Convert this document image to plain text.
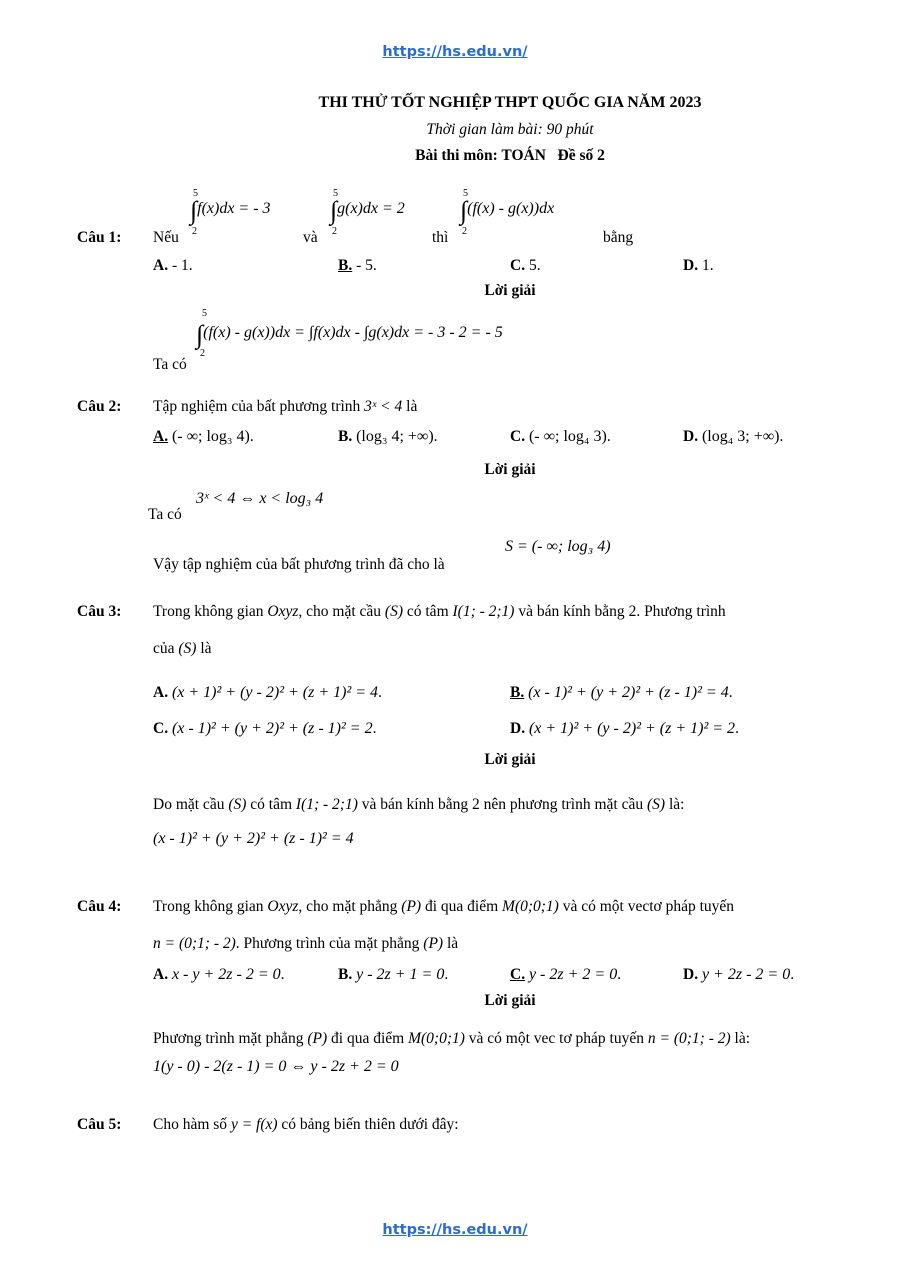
https://hs.edu.vn/
https://hs.edu.vn/
THI THỬ TỐT NGHIỆP THPT QUỐC GIA NĂM 2023
Thời gian làm bài: 90 phút
Bài thi môn: TOÁN   Đề số 2
Câu 1: Nếu
5
∫f(x)dx = - 3
2	và
5
∫g(x)dx = 2
2	thì
5
∫(f(x) - g(x))dx
2	bằng
A. - 1.	B. - 5.	C. 5.	D. 1.
Lời giải
Ta có
5
∫(f(x) - g(x))dx = ∫f(x)dx - ∫g(x)dx = - 3 - 2 = - 5
2
Câu 2: Tập nghiệm của bất phương trình 3ˣ < 4 là
A. (- ∞; log₃ 4).	B. (log₃ 4; +∞).	C. (- ∞; log₄ 3).	D. (log₄ 3; +∞).
Lời giải
Ta có
3ˣ < 4 ⇔ x < log₃ 4
Vậy tập nghiệm của bất phương trình đã cho là
S = (- ∞; log₃ 4)
Câu 3: Trong không gian Oxyz, cho mặt cầu (S) có tâm I(1; - 2;1) và bán kính bằng 2. Phương trình
của (S) là
A. (x + 1)² + (y - 2)² + (z + 1)² = 4.	B. (x - 1)² + (y + 2)² + (z - 1)² = 4.
C. (x - 1)² + (y + 2)² + (z - 1)² = 2.	D. (x + 1)² + (y - 2)² + (z + 1)² = 2.
Lời giải
Do mặt cầu (S) có tâm I(1; - 2;1) và bán kính bằng 2 nên phương trình mặt cầu (S) là:
(x - 1)² + (y + 2)² + (z - 1)² = 4
Câu 4: Trong không gian Oxyz, cho mặt phẳng (P) đi qua điểm M(0;0;1) và có một vectơ pháp tuyến
n = (0;1; - 2). Phương trình của mặt phẳng (P) là
A. x - y + 2z - 2 = 0.	B. y - 2z + 1 = 0.	C. y - 2z + 2 = 0.	D. y + 2z - 2 = 0.
Lời giải
Phương trình mặt phẳng (P) đi qua điểm M(0;0;1) và có một vec tơ pháp tuyến n = (0;1; - 2) là:
1(y - 0) - 2(z - 1) = 0 ⇔ y - 2z + 2 = 0
Câu 5: Cho hàm số y = f(x) có bảng biến thiên dưới đây:
